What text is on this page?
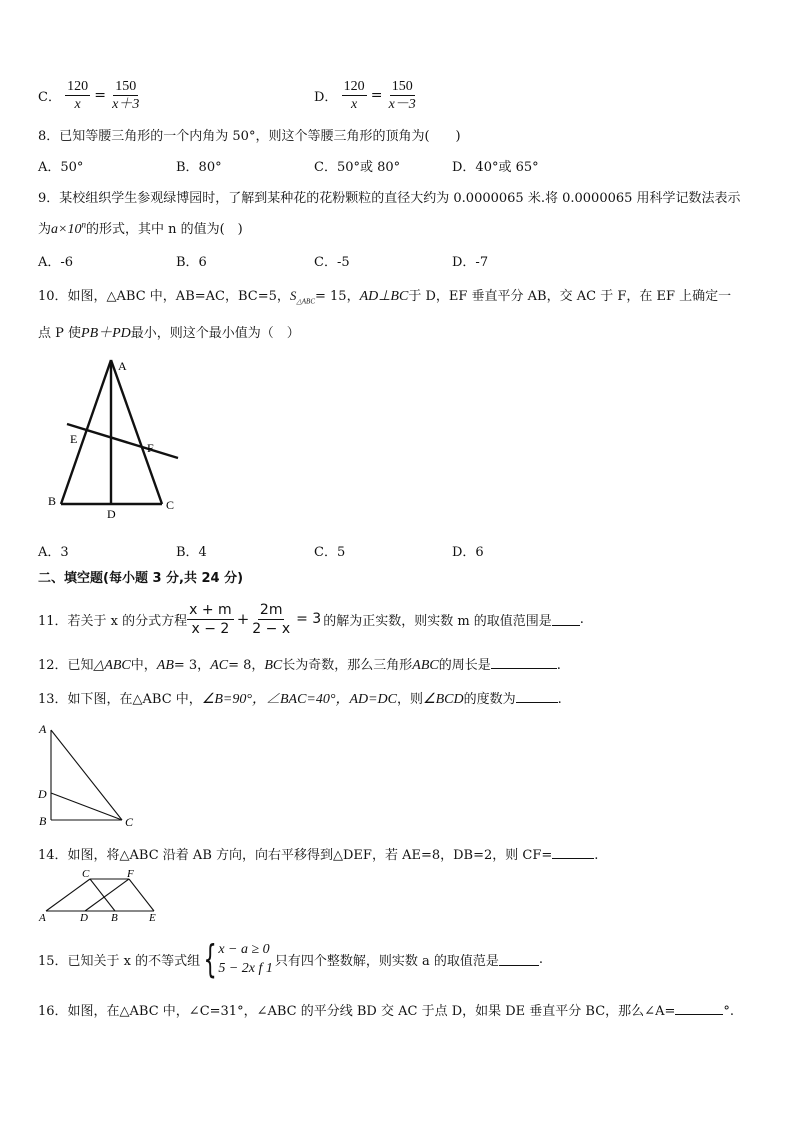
C． $\frac{120}{x} = \frac{150}{x+3}$	D． $\frac{120}{x} = \frac{150}{x-3}$
8．已知等腰三角形的一个内角为 50°，则这个等腰三角形的顶角为(　　)
A．50°	B．80°	C．50°或 80°	D．40°或 65°
9．某校组织学生参观绿博园时，了解到某种花的花粉颗粒的直径大约为 0.0000065 米.将 0.0000065 用科学记数法表示
为$a\times 10^n$的形式，其中 n 的值为(　)
A．-6	B．6	C．-5	D．-7
10．如图，△ABC 中，AB=AC，BC=5，$S_{\triangle ABC}= 15$，AD⊥BC于 D，EF 垂直平分 AB，交 AC 于 F，在 EF 上确定一
点 P 使PB＋PD最小，则这个最小值为（　）
A
E
F
B	C
D
A．3	B．4	C．5	D．6
二、填空题(每小题 3 分,共 24 分)
11．若关于 x 的分式方程 $\frac{x + m}{x - 2} + \frac{2m}{2 - x} = 3$ 的解为正实数，则实数 m 的取值范围是 .
12．已知△ABC中，AB= 3，AC= 8，BC长为奇数，那么三角形ABC的周长是	.
13．如下图，在△ABC 中，∠B=90°，∠BAC=40°，AD=DC，则∠BCD的度数为	.
A
D
B	C
14．如图，将△ABC 沿着 AB 方向，向右平移得到△DEF，若 AE=8，DB=2，则 CF=	.
C	F
A	D B	E
15．已知关于 x 的不等式组 { x − a ≥ 0
5 − 2x f 1 只有四个整数解，则实数 a 的取值范是	.
16．如图，在△ABC 中，∠C=31°，∠ABC 的平分线 BD 交 AC 于点 D，如果 DE 垂直平分 BC，那么∠A=	°.
